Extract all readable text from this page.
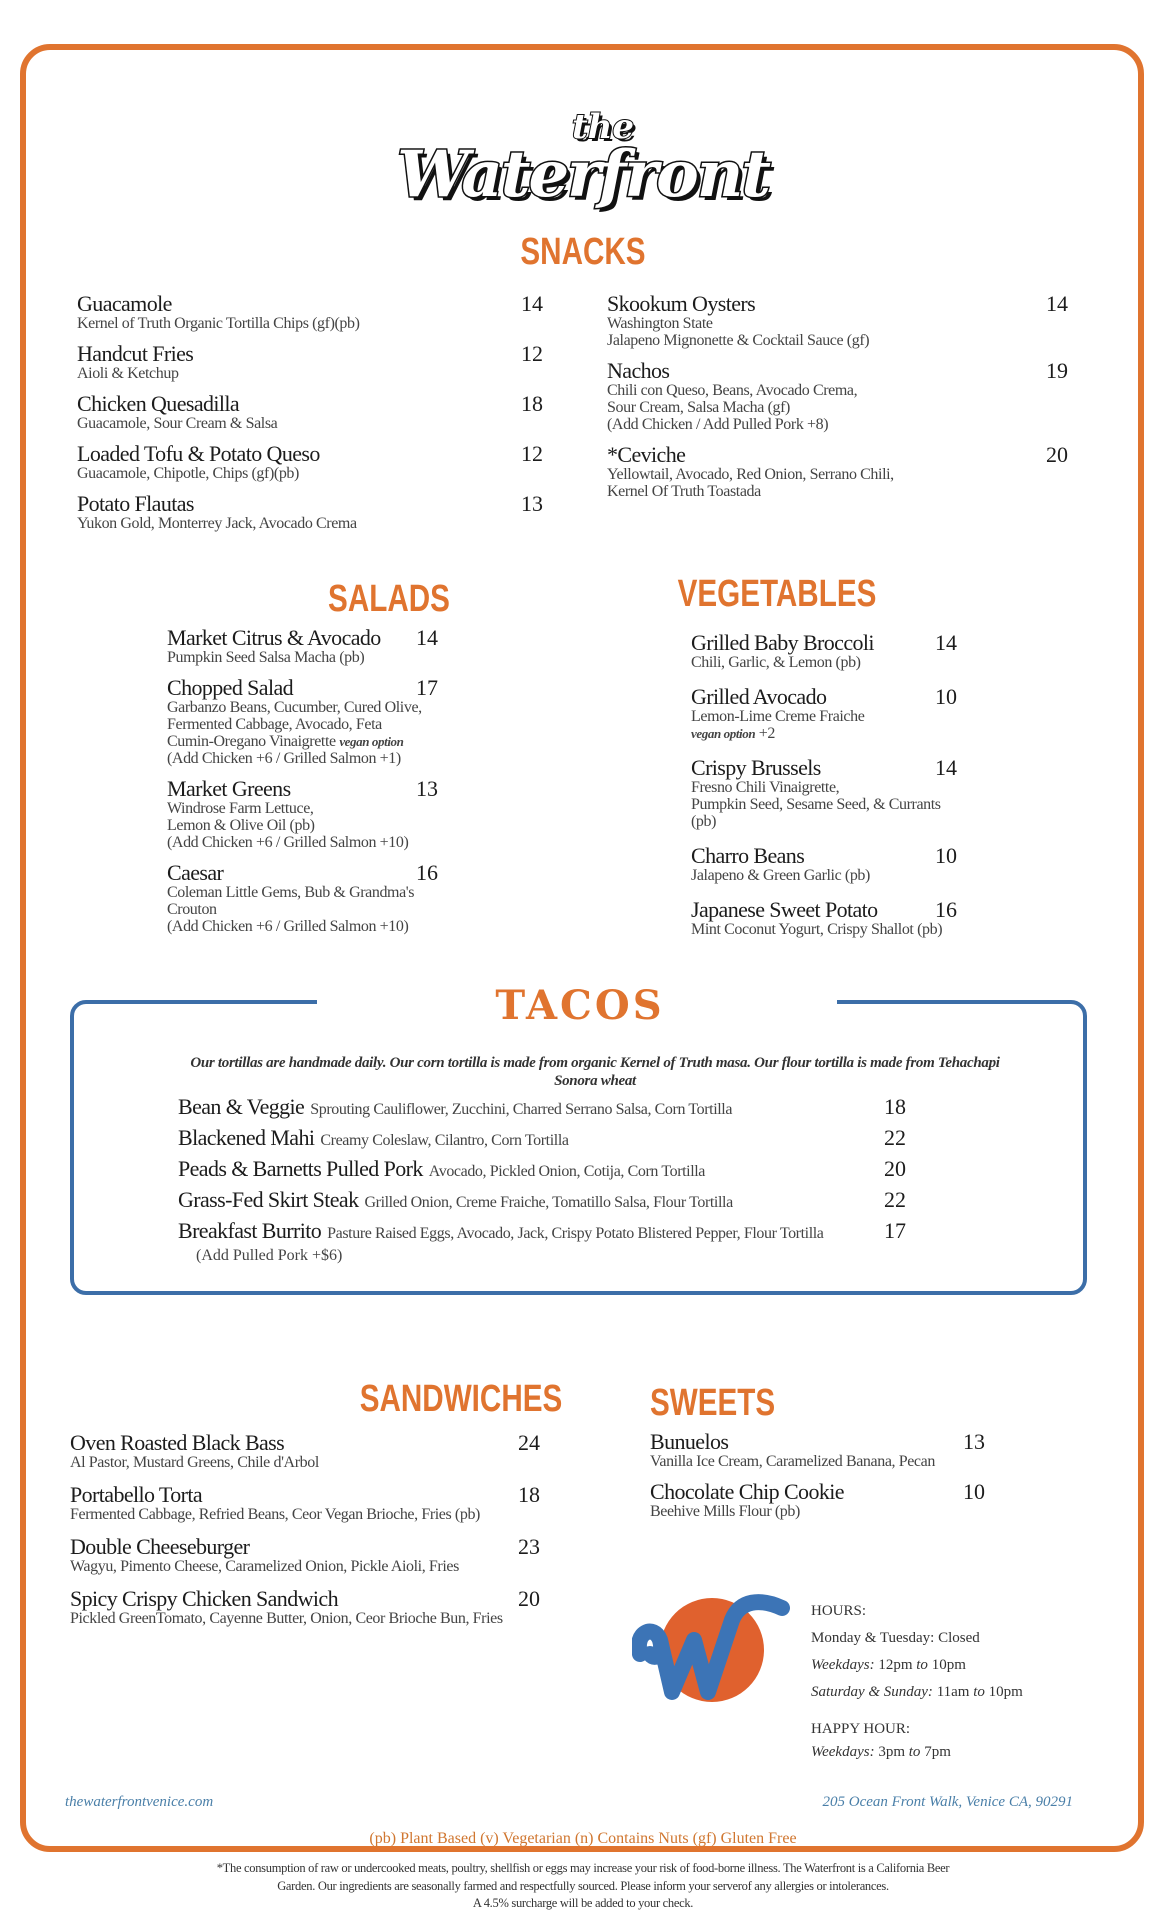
the
Waterfront
SNACKS
Guacamole	14
Kernel of Truth Organic Tortilla Chips (gf)(pb)
Handcut Fries	12
Aioli & Ketchup
Chicken Quesadilla	18
Guacamole, Sour Cream & Salsa
Loaded Tofu & Potato Queso	12
Guacamole, Chipotle, Chips (gf)(pb)
Potato Flautas	13
Yukon Gold, Monterrey Jack, Avocado Crema
Skookum Oysters	14
Washington State
Jalapeno Mignonette & Cocktail Sauce (gf)
Nachos	19
Chili con Queso, Beans, Avocado Crema,
Sour Cream, Salsa Macha (gf)
(Add Chicken / Add Pulled Pork +8)
*Ceviche	20
Yellowtail, Avocado, Red Onion, Serrano Chili,
Kernel Of Truth Toastada
SALADS
Market Citrus & Avocado	14
Pumpkin Seed Salsa Macha (pb)
Chopped Salad	17
Garbanzo Beans, Cucumber, Cured Olive,
Fermented Cabbage, Avocado, Feta
Cumin-Oregano Vinaigrette vegan option
(Add Chicken +6 / Grilled Salmon +1)
Market Greens	13
Windrose Farm Lettuce,
Lemon & Olive Oil (pb)
(Add Chicken +6 / Grilled Salmon +10)
Caesar	16
Coleman Little Gems, Bub & Grandma's
Crouton
(Add Chicken +6 / Grilled Salmon +10)
VEGETABLES
Grilled Baby Broccoli	14
Chili, Garlic, & Lemon (pb)
Grilled Avocado	10
Lemon-Lime Creme Fraiche
vegan option +2
Crispy Brussels	14
Fresno Chili Vinaigrette,
Pumpkin Seed, Sesame Seed, & Currants (pb)
Charro Beans	10
Jalapeno & Green Garlic (pb)
Japanese Sweet Potato	16
Mint Coconut Yogurt, Crispy Shallot (pb)
TACOS
Our tortillas are handmade daily. Our corn tortilla is made from organic Kernel of Truth masa. Our flour tortilla is made from Tehachapi Sonora wheat
Bean & Veggie Sprouting Cauliflower, Zucchini, Charred Serrano Salsa, Corn Tortilla	18
Blackened Mahi Creamy Coleslaw, Cilantro, Corn Tortilla	22
Peads & Barnetts Pulled Pork Avocado, Pickled Onion, Cotija, Corn Tortilla	20
Grass-Fed Skirt Steak Grilled Onion, Creme Fraiche, Tomatillo Salsa, Flour Tortilla	22
Breakfast Burrito Pasture Raised Eggs, Avocado, Jack, Crispy Potato Blistered Pepper, Flour Tortilla	17
(Add Pulled Pork +$6)
SANDWICHES
Oven Roasted Black Bass	24
Al Pastor, Mustard Greens, Chile d'Arbol
Portabello Torta	18
Fermented Cabbage, Refried Beans, Ceor Vegan Brioche, Fries (pb)
Double Cheeseburger	23
Wagyu, Pimento Cheese, Caramelized Onion, Pickle Aioli, Fries
Spicy Crispy Chicken Sandwich	20
Pickled GreenTomato, Cayenne Butter, Onion, Ceor Brioche Bun, Fries
SWEETS
Bunuelos	13
Vanilla Ice Cream, Caramelized Banana, Pecan
Chocolate Chip Cookie	10
Beehive Mills Flour (pb)
HOURS:
Monday & Tuesday: Closed
Weekdays: 12pm to 10pm
Saturday & Sunday: 11am to 10pm
HAPPY HOUR:
Weekdays: 3pm to 7pm
thewaterfrontvenice.com	205 Ocean Front Walk, Venice CA, 90291
(pb) Plant Based (v) Vegetarian (n) Contains Nuts (gf) Gluten Free
*The consumption of raw or undercooked meats, poultry, shellfish or eggs may increase your risk of food-borne illness. The Waterfront is a California Beer
Garden. Our ingredients are seasonally farmed and respectfully sourced. Please inform your serverof any allergies or intolerances.
A 4.5% surcharge will be added to your check.
